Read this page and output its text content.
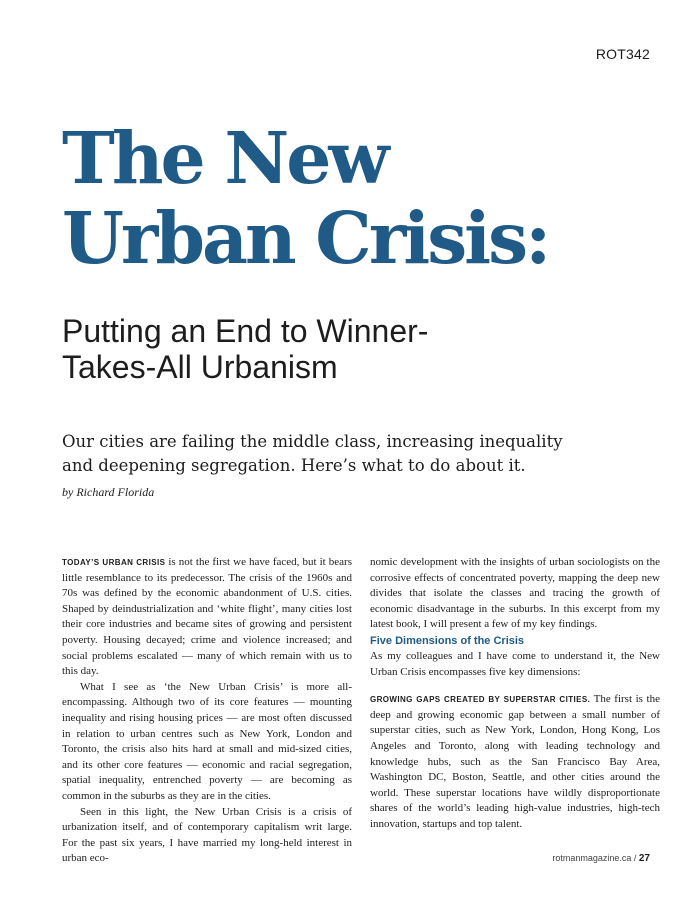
ROT342
The New
Urban Crisis:
Putting an End to Winner-
Takes-All Urbanism

Our cities are failing the middle class, increasing inequality
and deepening segregation. Here’s what to do about it.

by Richard Florida

TODAY’S URBAN CRISIS is not the first we have faced, but it bears little resemblance to its predecessor. The crisis of the 1960s and 70s was defined by the economic abandonment of U.S. cities. Shaped by deindustrialization and ‘white flight’, many cities lost their core industries and became sites of growing and persistent poverty. Housing decayed; crime and violence increased; and social problems escalated — many of which remain with us to this day.

What I see as ‘the New Urban Crisis’ is more all-encompassing. Although two of its core features — mounting inequality and rising housing prices — are most often discussed in relation to urban centres such as New York, London and Toronto, the crisis also hits hard at small and mid-sized cities, and its other core features — economic and racial segregation, spatial inequality, entrenched poverty — are becoming as common in the suburbs as they are in the cities.

Seen in this light, the New Urban Crisis is a crisis of urbanization itself, and of contemporary capitalism writ large. For the past six years, I have married my long-held interest in urban eco-

nomic development with the insights of urban sociologists on the corrosive effects of concentrated poverty, mapping the deep new divides that isolate the classes and tracing the growth of economic disadvantage in the suburbs. In this excerpt from my latest book, I will present a few of my key findings.

Five Dimensions of the Crisis

As my colleagues and I have come to understand it, the New Urban Crisis encompasses five key dimensions:

GROWING GAPS CREATED BY SUPERSTAR CITIES. The first is the deep and growing economic gap between a small number of superstar cities, such as New York, London, Hong Kong, Los Angeles and Toronto, along with leading technology and knowledge hubs, such as the San Francisco Bay Area, Washington DC, Boston, Seattle, and other cities around the world. These superstar locations have wildly disproportionate shares of the world’s leading high-value industries, high-tech innovation, startups and top talent.

rotmanmagazine.ca / 27
